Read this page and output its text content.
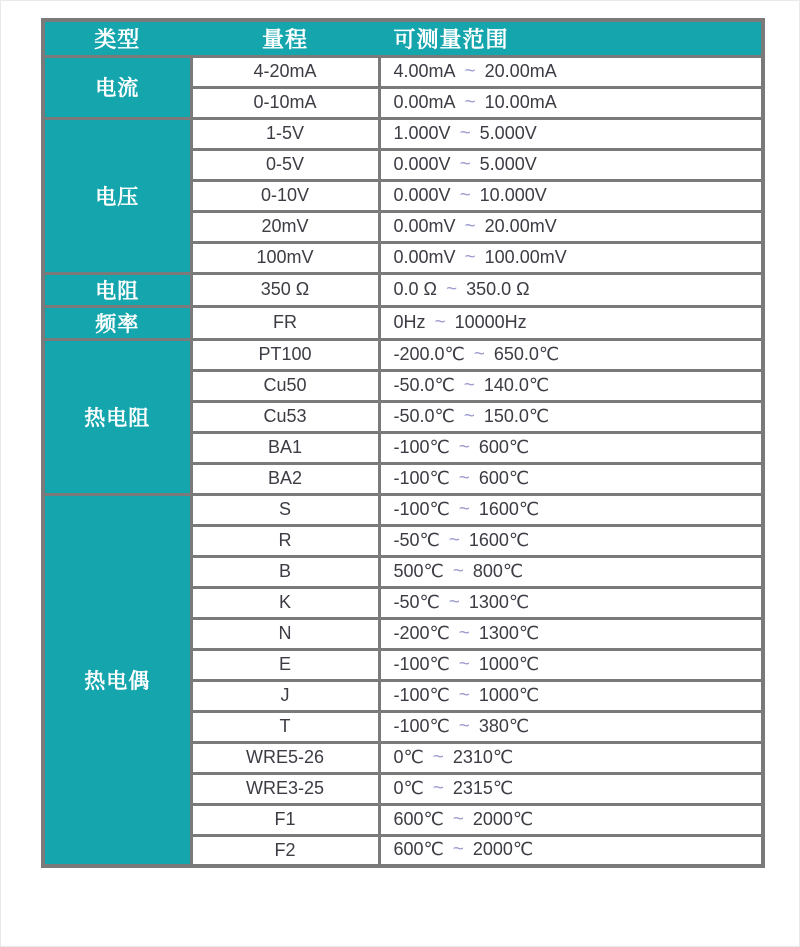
类型	量程	可测量范围
电流	4-20mA	4.00mA ~ 20.00mA
	0-10mA	0.00mA ~ 10.00mA
电压	1-5V	1.000V ~ 5.000V
	0-5V	0.000V ~ 5.000V
	0-10V	0.000V ~ 10.000V
	20mV	0.00mV ~ 20.00mV
	100mV	0.00mV ~ 100.00mV
电阻	350 Ω	0.0 Ω ~ 350.0 Ω
频率	FR	0Hz ~ 10000Hz
热电阻	PT100	-200.0℃ ~ 650.0℃
	Cu50	-50.0℃ ~ 140.0℃
	Cu53	-50.0℃ ~ 150.0℃
	BA1	-100℃ ~ 600℃
	BA2	-100℃ ~ 600℃
热电偶	S	-100℃ ~ 1600℃
	R	-50℃ ~ 1600℃
	B	500℃ ~ 800℃
	K	-50℃ ~ 1300℃
	N	-200℃ ~ 1300℃
	E	-100℃ ~ 1000℃
	J	-100℃ ~ 1000℃
	T	-100℃ ~ 380℃
	WRE5-26	0℃ ~ 2310℃
	WRE3-25	0℃ ~ 2315℃
	F1	600℃ ~ 2000℃
	F2	600℃ ~ 2000℃
